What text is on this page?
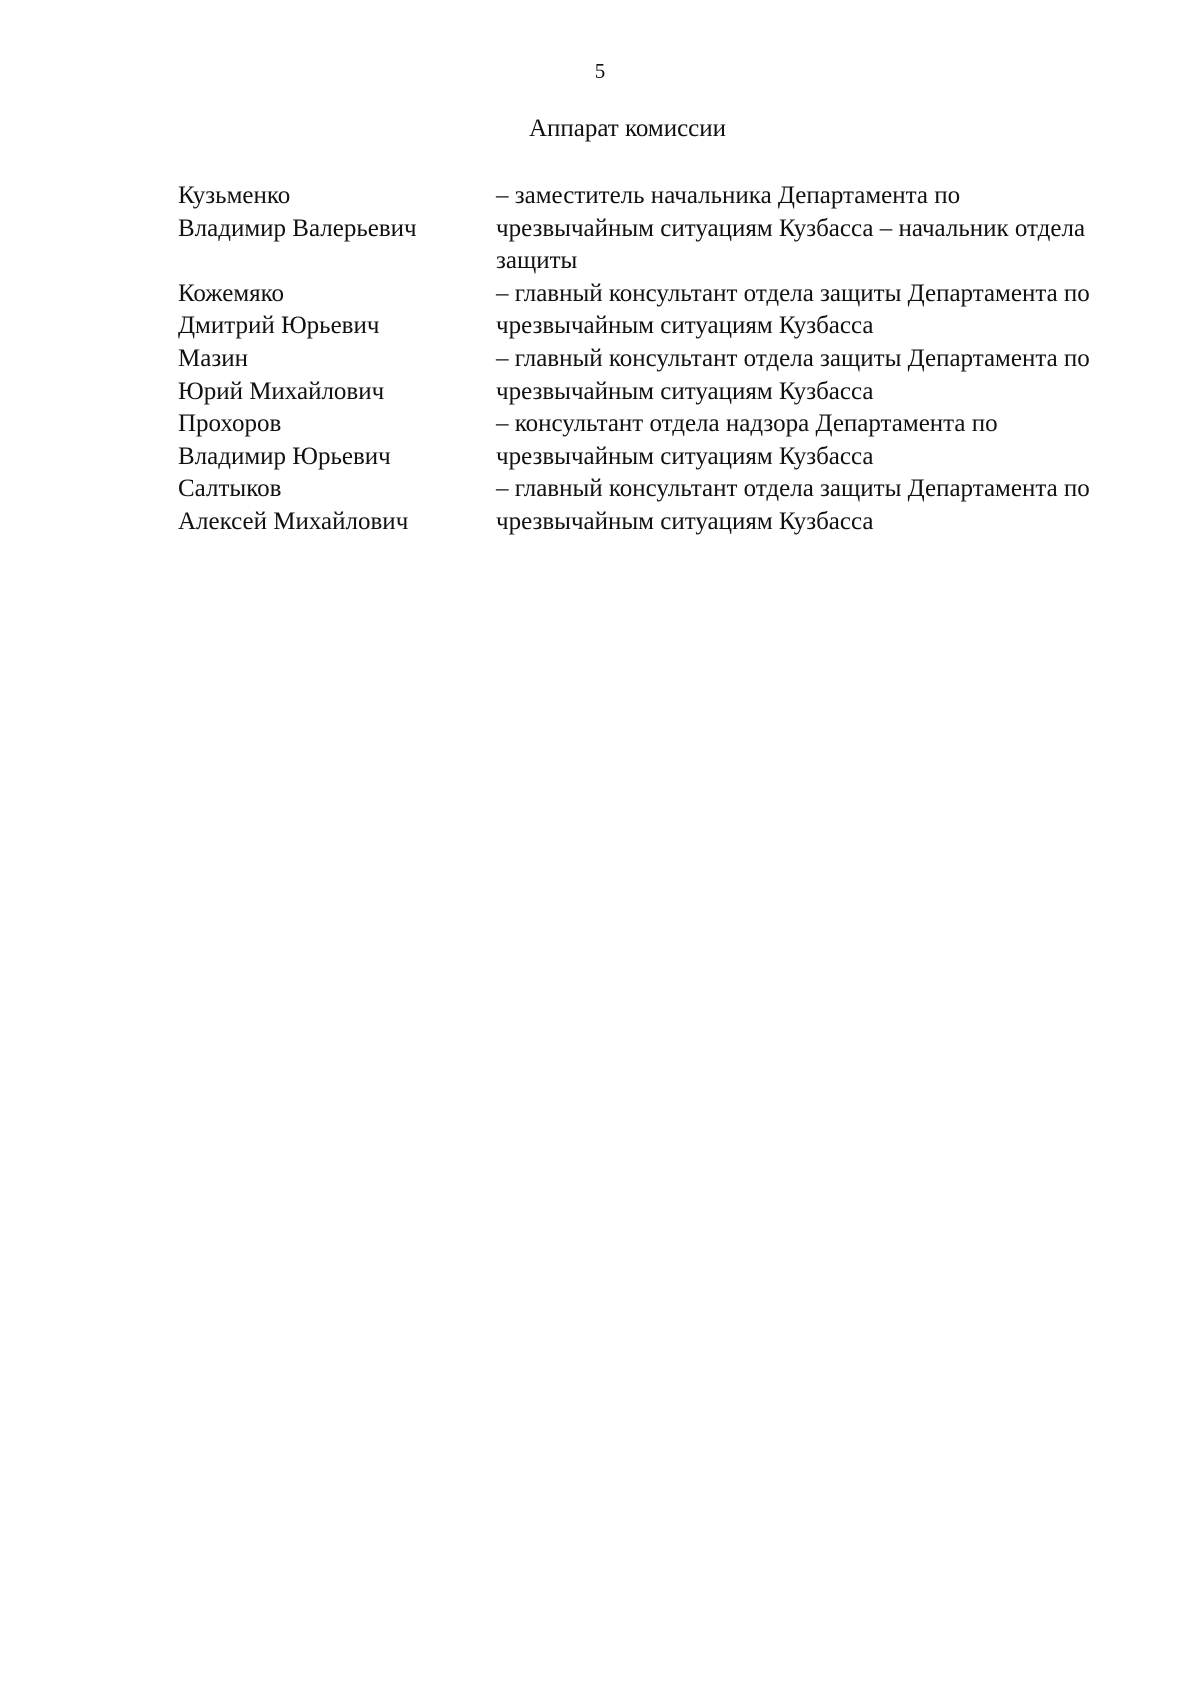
5
Аппарат комиссии
Кузьменко
Владимир Валерьевич
– заместитель начальника Департамента по чрезвычайным ситуациям Кузбасса – начальник отдела защиты
Кожемяко
Дмитрий Юрьевич
– главный консультант отдела защиты Департамента по чрезвычайным ситуациям Кузбасса
Мазин
Юрий Михайлович
– главный консультант отдела защиты Департамента по чрезвычайным ситуациям Кузбасса
Прохоров
Владимир Юрьевич
– консультант отдела надзора Департамента по чрезвычайным ситуациям Кузбасса
Салтыков
Алексей Михайлович
– главный консультант отдела защиты Департамента по чрезвычайным ситуациям Кузбасса
